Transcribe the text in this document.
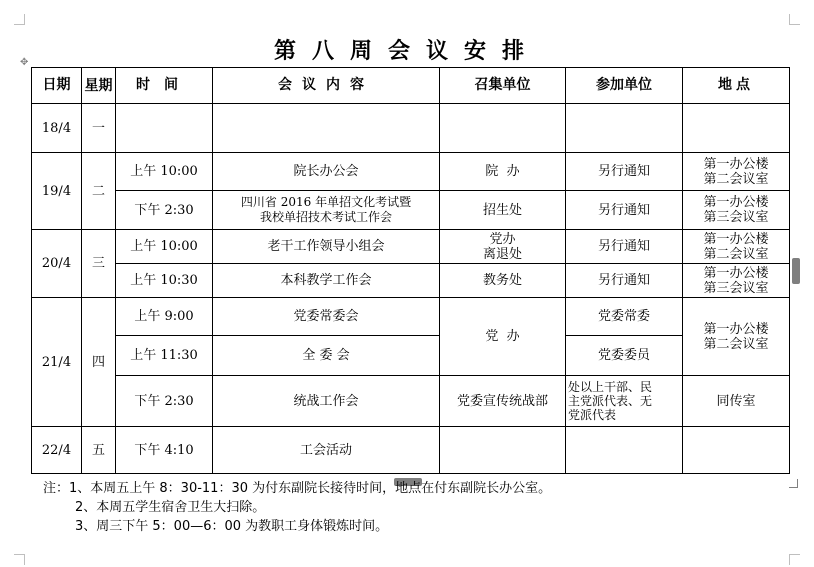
第八周会议安排
✥
日期	星期	时间	会议内容	召集单位	参加单位	地点
18/4	一					
19/4	二	上午 10:00	院长办公会	院  办	另行通知	第一办公楼
第二会议室
		下午 2:30	四川省 2016 年单招文化考试暨
我校单招技术考试工作会	招生处	另行通知	第一办公楼
第三会议室
20/4	三	上午 10:00	老干工作领导小组会	党办
离退处	另行通知	第一办公楼
第二会议室
		上午 10:30	本科教学工作会	教务处	另行通知	第一办公楼
第三会议室
21/4	四	上午 9:00	党委常委会	党  办	党委常委	第一办公楼
第二会议室
		上午 11:30	全 委 会		党委委员	
		下午 2:30	统战工作会	党委宣传统战部	处以上干部、民
主党派代表、无
党派代表	同传室
22/4	五	下午 4:10	工会活动			
注：1、本周五上午 8：30-11：30 为付东副院长接待时间，地点在付东副院长办公室。
2、本周五学生宿舍卫生大扫除。
3、周三下午 5：00—6：00 为教职工身体锻炼时间。
